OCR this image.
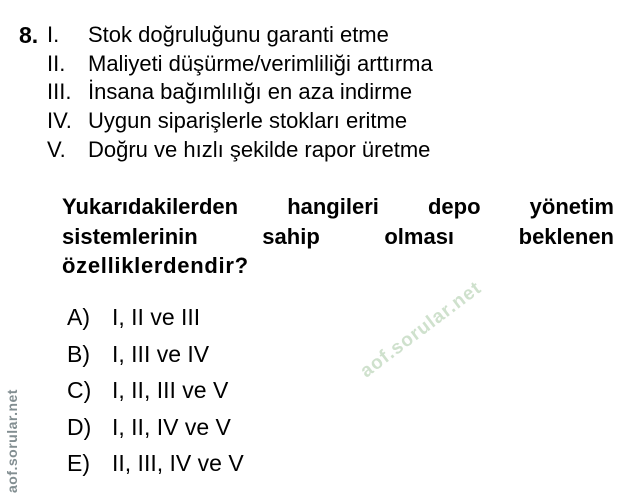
8. I.	Stok doğruluğunu garanti etme
II.	Maliyeti düşürme/verimliliği arttırma
III. İnsana bağımlılığı en aza indirme
IV. Uygun siparişlerle stokları eritme
V.	Doğru ve hızlı şekilde rapor üretme
Yukarıdakilerden hangileri depo yönetim
sistemlerinin sahip olması beklenen
özelliklerdendir?
A) I, II ve III
B) I, III ve IV
C) I, II, III ve V
D) I, II, IV ve V
E) II, III, IV ve V
aof.sorular.net
aof.sorular.net
